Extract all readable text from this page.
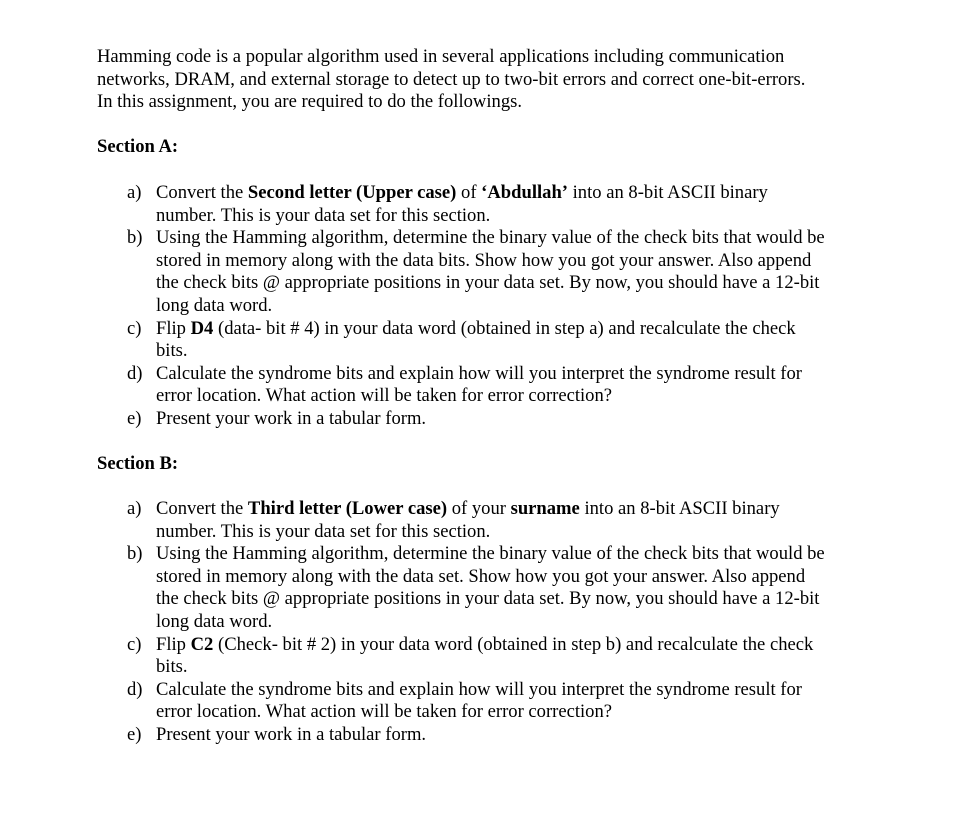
Hamming code is a popular algorithm used in several applications including communication
networks, DRAM, and external storage to detect up to two-bit errors and correct one-bit-errors.
In this assignment, you are required to do the followings.

Section A:
a) Convert the Second letter (Upper case) of ‘Abdullah’ into an 8-bit ASCII binary
number. This is your data set for this section.
b) Using the Hamming algorithm, determine the binary value of the check bits that would be
stored in memory along with the data bits. Show how you got your answer. Also append
the check bits @ appropriate positions in your data set. By now, you should have a 12-bit
long data word.
c) Flip D4 (data- bit # 4) in your data word (obtained in step a) and recalculate the check
bits.
d) Calculate the syndrome bits and explain how will you interpret the syndrome result for
error location. What action will be taken for error correction?
e) Present your work in a tabular form.
Section B:
a) Convert the Third letter (Lower case) of your surname into an 8-bit ASCII binary
number. This is your data set for this section.
b) Using the Hamming algorithm, determine the binary value of the check bits that would be
stored in memory along with the data set. Show how you got your answer. Also append
the check bits @ appropriate positions in your data set. By now, you should have a 12-bit
long data word.
c) Flip C2 (Check- bit # 2) in your data word (obtained in step b) and recalculate the check
bits.
d) Calculate the syndrome bits and explain how will you interpret the syndrome result for
error location. What action will be taken for error correction?
e) Present your work in a tabular form.
